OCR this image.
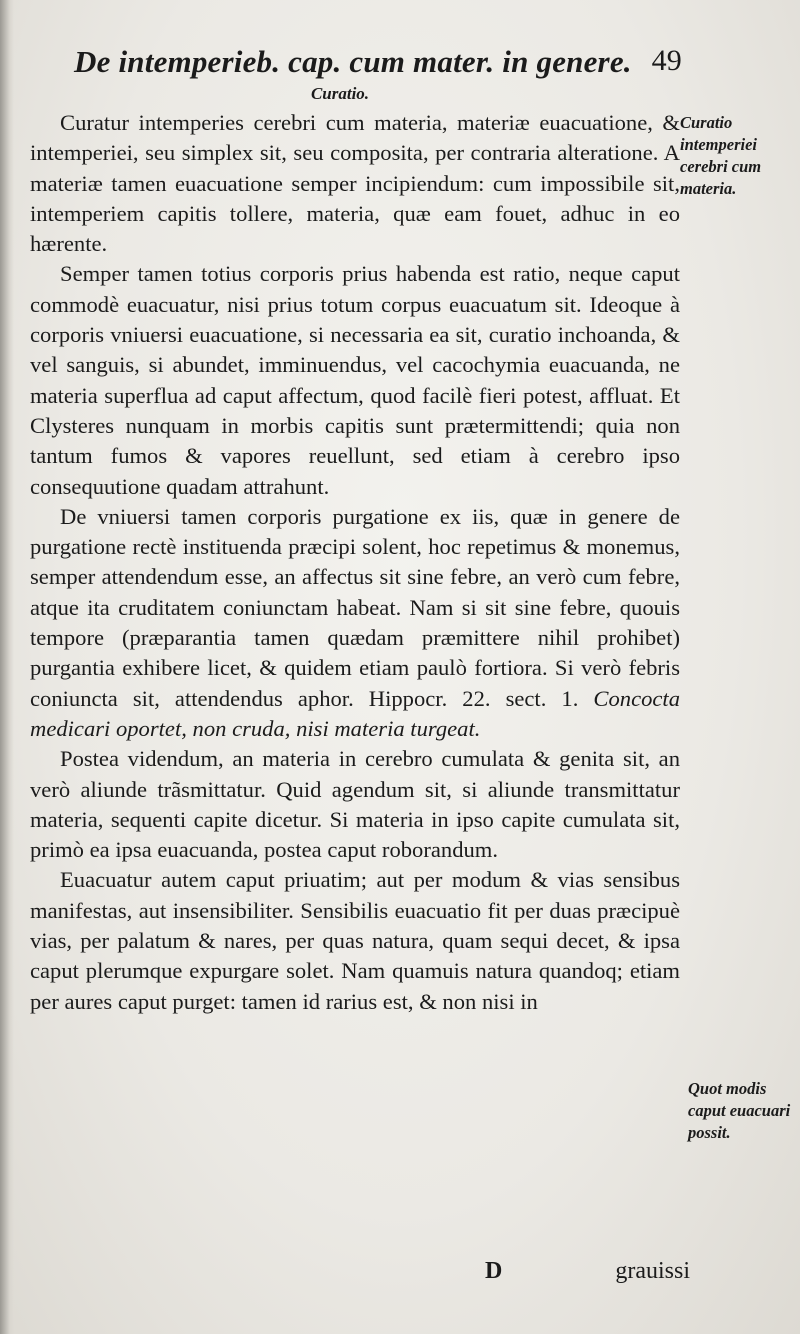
De intemperieb. cap. cum mater. in genere. 49
Curatio.

Curatur intemperies cerebri cum materia, materiæ euacuatione, & intemperiei, seu simplex sit, seu composita, per contraria alteratione. A materiæ tamen euacuatione semper incipiendum: cum impossibile sit, intemperiem capitis tollere, materia, quæ eam fouet, adhuc in eo hærente.

Semper tamen totius corporis prius habenda est ratio, neque caput commodè euacuatur, nisi prius totum corpus euacuatum sit. Ideoque à corporis vniuersi euacuatione, si necessaria ea sit, curatio inchoanda, & vel sanguis, si abundet, imminuendus, vel cacochymia euacuanda, ne materia superflua ad caput affectum, quod facilè fieri potest, affluat. Et Clysteres nunquam in morbis capitis sunt prætermittendi; quia non tantum fumos & vapores reuellunt, sed etiam à cerebro ipso consequutione quadam attrahunt.

De vniuersi tamen corporis purgatione ex iis, quæ in genere de purgatione rectè instituenda præcipi solent, hoc repetimus & monemus, semper attendendum esse, an affectus sit sine febre, an verò cum febre, atque ita cruditatem coniunctam habeat. Nam si sit sine febre, quouis tempore (præparantia tamen quædam præmittere nihil prohibet) purgantia exhibere licet, & quidem etiam paulò fortiora. Si verò febris coniuncta sit, attendendus aphor. Hippocr. 22. sect. 1. Concocta medicari oportet, non cruda, nisi materia turgeat.

Postea videndum, an materia in cerebro cumulata & genita sit, an verò aliunde trãsmittatur. Quid agendum sit, si aliunde transmittatur materia, sequenti capite dicetur. Si materia in ipso capite cumulata sit, primò ea ipsa euacuanda, postea caput roborandum.

Euacuatur autem caput priuatim; aut per modum & vias sensibus manifestas, aut insensibiliter. Sensibilis euacuatio fit per duas præcipuè vias, per palatum & nares, per quas natura, quam sequi decet, & ipsa caput plerumque expurgare solet. Nam quamuis natura quandoq; etiam per aures caput purget: tamen id rarius est, & non nisi in

Curatio intemperiei cerebri cum materia.
Quot modis caput euacuari possit.
D	grauissi
